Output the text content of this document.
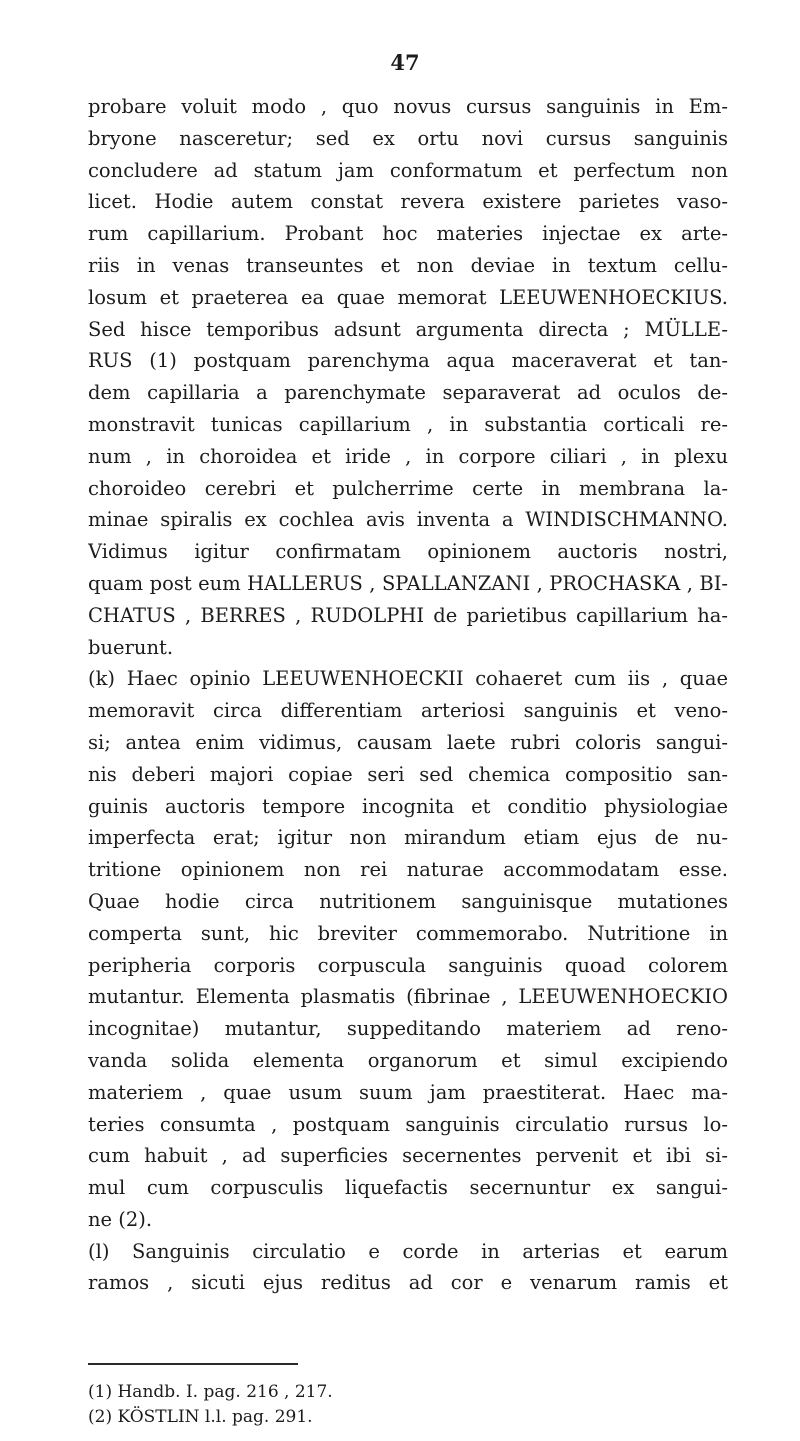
47
probare voluit modo , quo novus cursus sanguinis in Em-
bryone nasceretur; sed ex ortu novi cursus sanguinis
concludere ad statum jam conformatum et perfectum non
licet. Hodie autem constat revera existere parietes vaso-
rum capillarium. Probant hoc materies injectae ex arte-
riis in venas transeuntes et non deviae in textum cellu-
losum et praeterea ea quae memorat LEEUWENHOECKIUS.
Sed hisce temporibus adsunt argumenta directa ; MÜLLE-
RUS (1) postquam parenchyma aqua maceraverat et tan-
dem capillaria a parenchymate separaverat ad oculos de-
monstravit tunicas capillarium , in substantia corticali re-
num , in choroidea et iride , in corpore ciliari , in plexu
choroideo cerebri et pulcherrime certe in membrana la-
minae spiralis ex cochlea avis inventa a WINDISCHMANNO.
Vidimus igitur confirmatam opinionem auctoris nostri,
quam post eum HALLERUS , SPALLANZANI , PROCHASKA , BI-
CHATUS , BERRES , RUDOLPHI de parietibus capillarium ha-
buerunt.
(k) Haec opinio LEEUWENHOECKII cohaeret cum iis , quae
memoravit circa differentiam arteriosi sanguinis et veno-
si; antea enim vidimus, causam laete rubri coloris sangui-
nis deberi majori copiae seri sed chemica compositio san-
guinis auctoris tempore incognita et conditio physiologiae
imperfecta erat; igitur non mirandum etiam ejus de nu-
tritione opinionem non rei naturae accommodatam esse.
Quae hodie circa nutritionem sanguinisque mutationes
comperta sunt, hic breviter commemorabo. Nutritione in
peripheria corporis corpuscula sanguinis quoad colorem
mutantur. Elementa plasmatis (fibrinae , LEEUWENHOECKIO
incognitae) mutantur, suppeditando materiem ad reno-
vanda solida elementa organorum et simul excipiendo
materiem , quae usum suum jam praestiterat. Haec ma-
teries consumta , postquam sanguinis circulatio rursus lo-
cum habuit , ad superficies secernentes pervenit et ibi si-
mul cum corpusculis liquefactis secernuntur ex sangui-
ne (2).
(l) Sanguinis circulatio e corde in arterias et earum
ramos , sicuti ejus reditus ad cor e venarum ramis et
(1) Handb. I. pag. 216 , 217.
(2) KÖSTLIN l.l. pag. 291.
